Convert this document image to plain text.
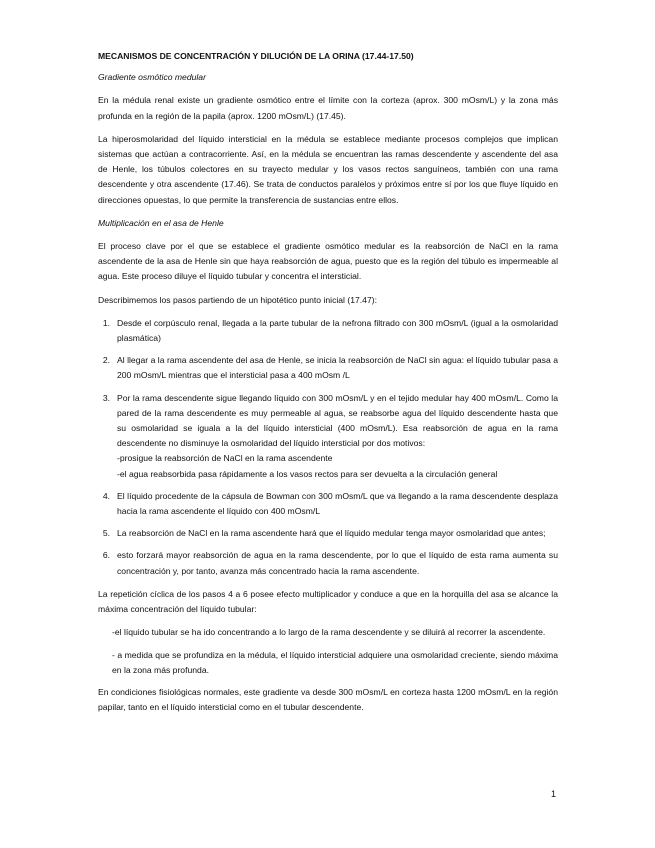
MECANISMOS DE CONCENTRACIÓN Y DILUCIÓN DE LA ORINA (17.44-17.50)

Gradiente osmótico medular

En la médula renal existe un gradiente osmótico entre el límite con la corteza (aprox. 300 mOsm/L) y la zona más profunda en la región de la papila (aprox. 1200 mOsm/L) (17.45).

La hiperosmolaridad del líquido intersticial en la médula se establece mediante procesos complejos que implican sistemas que actúan a contracorriente. Así, en la médula se encuentran las ramas descendente y ascendente del asa de Henle, los túbulos colectores en su trayecto medular y los vasos rectos sanguíneos, también con una rama descendente y otra ascendente (17.46). Se trata de conductos paralelos y próximos entre sí por los que fluye líquido en direcciones opuestas, lo que permite la transferencia de sustancias entre ellos.

Multiplicación en el asa de Henle

El proceso clave por el que se establece el gradiente osmótico medular es la reabsorción de NaCl en la rama ascendente de la asa de Henle sin que haya reabsorción de agua, puesto que es la región del túbulo es impermeable al agua. Este proceso diluye el líquido tubular y concentra el intersticial.

Describimemos los pasos partiendo de un hipotético punto inicial (17.47):

1. Desde el corpúsculo renal, llegada a la parte tubular de la nefrona filtrado con 300 mOsm/L (igual a la osmolaridad plasmática)
2. Al llegar a la rama ascendente del asa de Henle, se inicia la reabsorción de NaCl sin agua: el líquido tubular pasa a 200 mOsm/L mientras que el intersticial pasa a 400 mOsm /L
3. Por la rama descendente sigue llegando líquido con 300 mOsm/L y en el tejido medular hay 400 mOsm/L. Como la pared de la rama descendente es muy permeable al agua, se reabsorbe agua del líquido descendente hasta que su osmolaridad se iguala a la del líquido intersticial (400 mOsm/L). Esa reabsorción de agua en la rama descendente no disminuye la osmolaridad del líquido intersticial por dos motivos:
-prosigue la reabsorción de NaCl en la rama ascendente
-el agua reabsorbida pasa rápidamente a los vasos rectos para ser devuelta a la circulación general
4. El líquido procedente de la cápsula de Bowman con 300 mOsm/L que va llegando a la rama descendente desplaza hacia la rama ascendente el líquido con 400 mOsm/L
5. La reabsorción de NaCl en la rama ascendente hará que el líquido medular tenga mayor osmolaridad que antes;
6. esto forzará mayor reabsorción de agua en la rama descendente, por lo que el líquido de esta rama aumenta su concentración y, por tanto, avanza más concentrado hacia la rama ascendente.

La repetición cíclica de los pasos 4 a 6 posee efecto multiplicador y conduce a que en la horquilla del asa se alcance la máxima concentración del líquido tubular:

-el líquido tubular se ha ido concentrando a lo largo de la rama descendente y se diluirá al recorrer la ascendente.

- a medida que se profundiza en la médula, el líquido intersticial adquiere una osmolaridad creciente, siendo máxima en la zona más profunda.

En condiciones fisiológicas normales, este gradiente va desde 300 mOsm/L en corteza hasta 1200 mOsm/L en la región papilar, tanto en el líquido intersticial como en el tubular descendente.

1
